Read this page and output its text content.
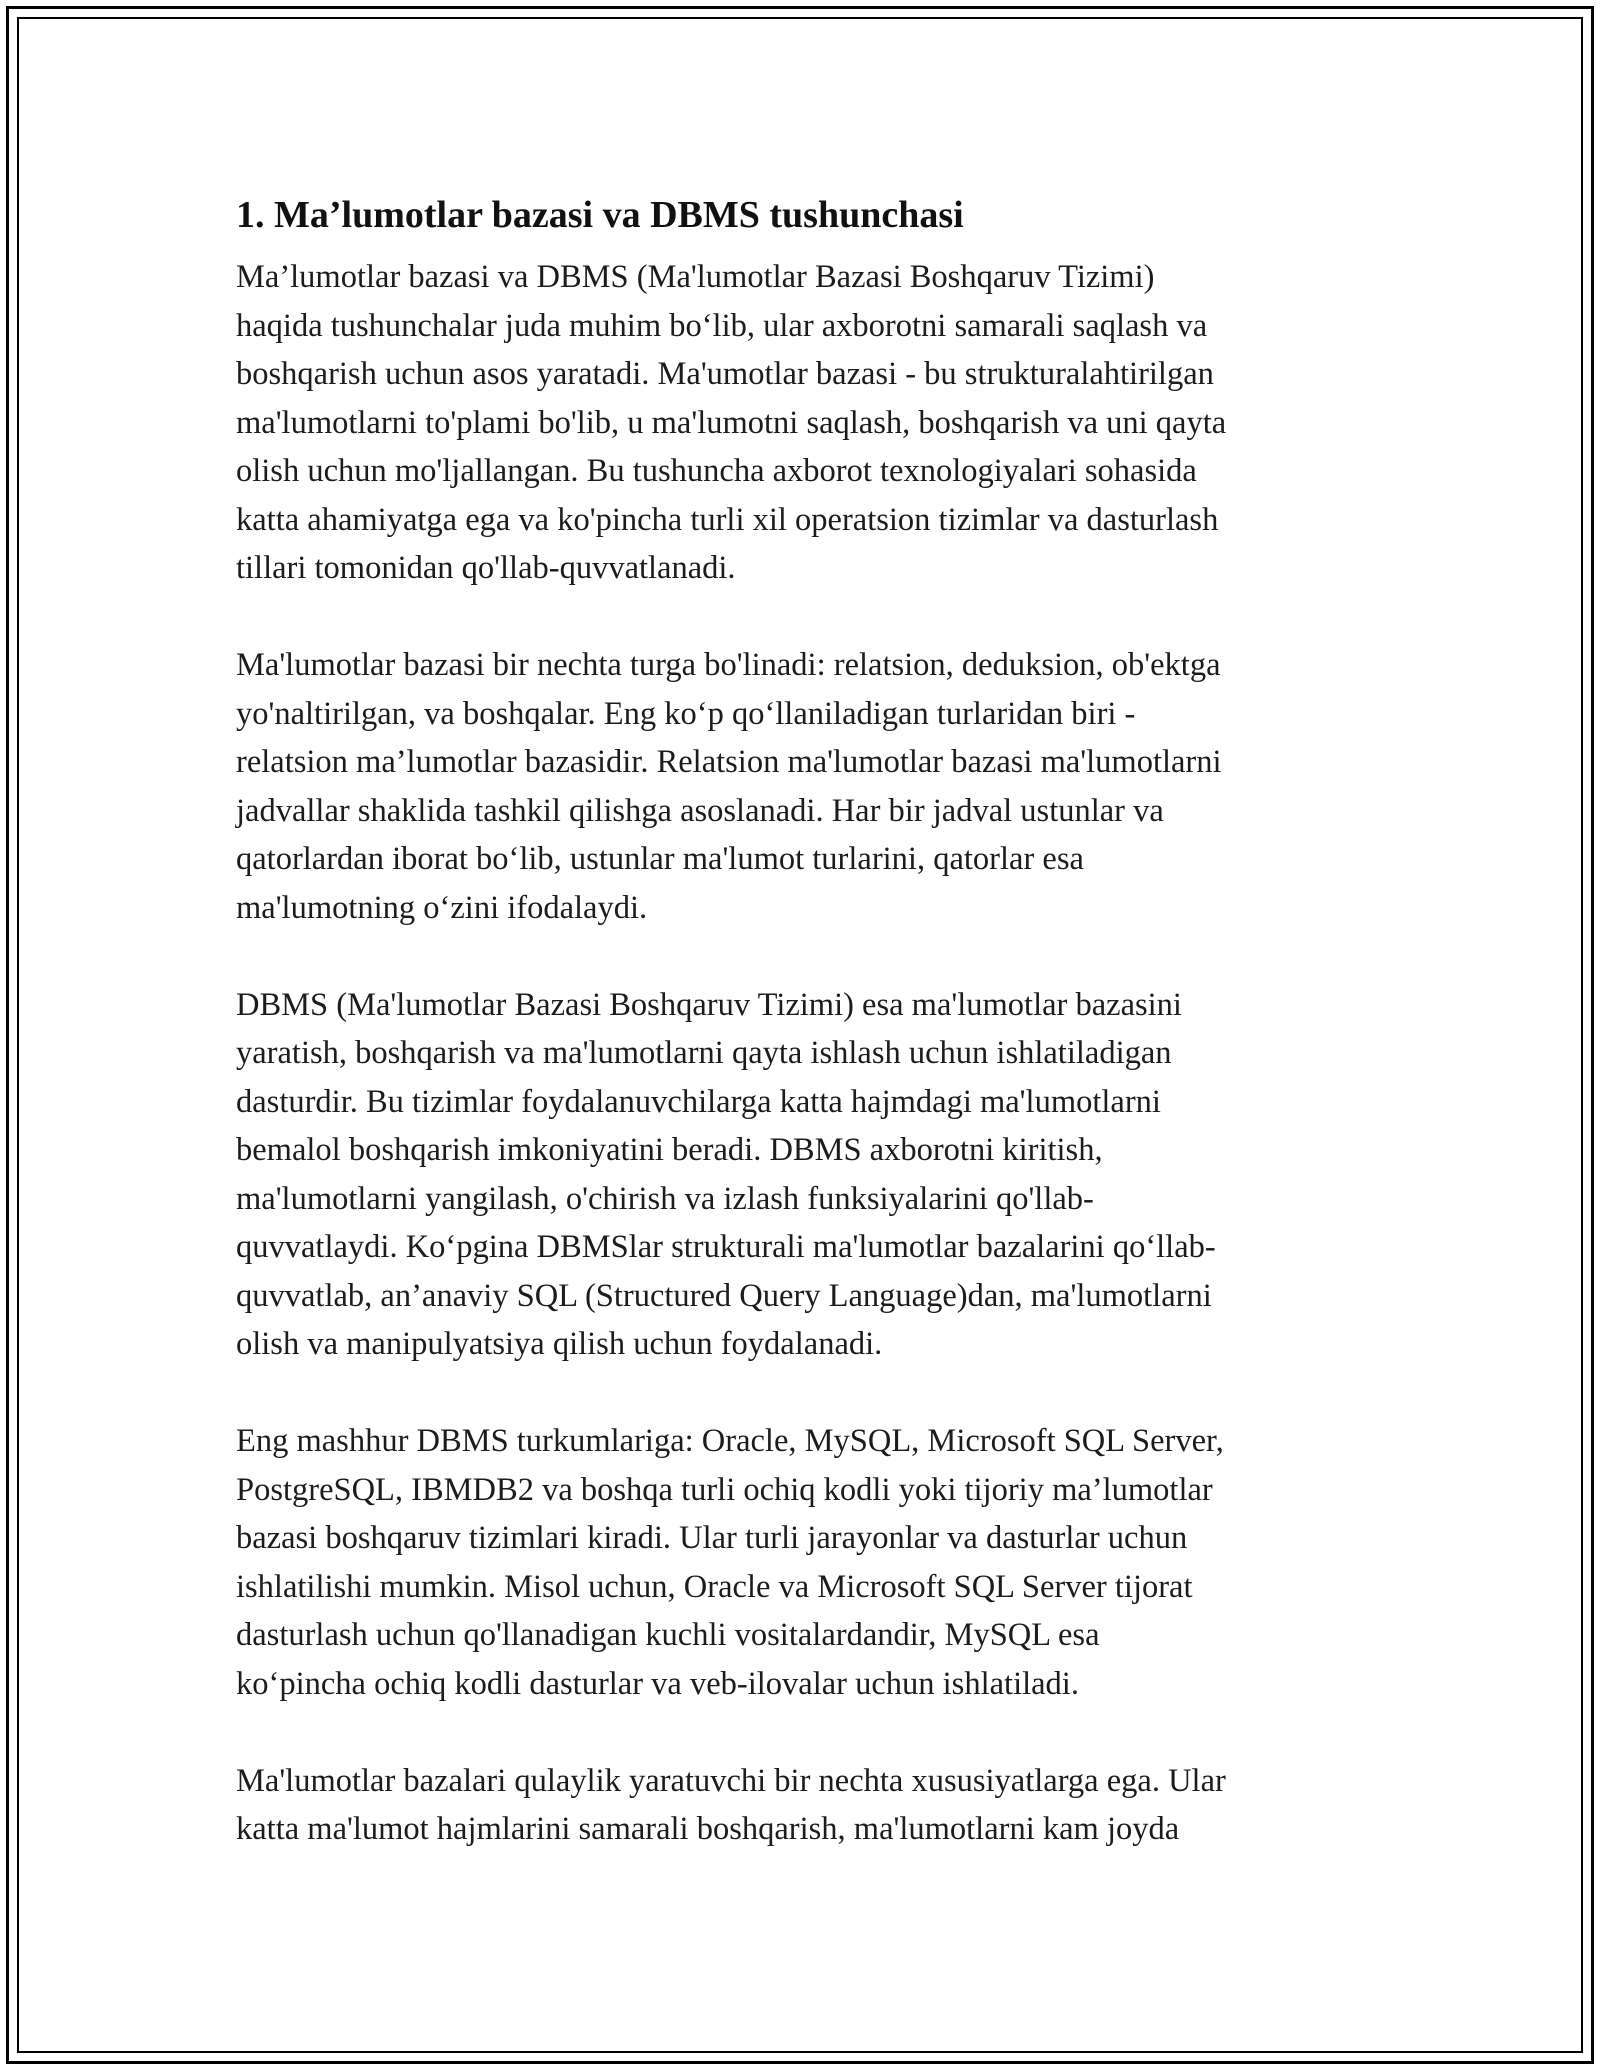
1. Ma’lumotlar bazasi va DBMS tushunchasi

Ma’lumotlar bazasi va DBMS (Ma'lumotlar Bazasi Boshqaruv Tizimi)
haqida tushunchalar juda muhim bo‘lib, ular axborotni samarali saqlash va
boshqarish uchun asos yaratadi. Ma'umotlar bazasi - bu strukturalahtirilgan
ma'lumotlarni to'plami bo'lib, u ma'lumotni saqlash, boshqarish va uni qayta
olish uchun mo'ljallangan. Bu tushuncha axborot texnologiyalari sohasida
katta ahamiyatga ega va ko'pincha turli xil operatsion tizimlar va dasturlash
tillari tomonidan qo'llab-quvvatlanadi.

Ma'lumotlar bazasi bir nechta turga bo'linadi: relatsion, deduksion, ob'ektga
yo'naltirilgan, va boshqalar. Eng ko‘p qo‘llaniladigan turlaridan biri -
relatsion ma’lumotlar bazasidir. Relatsion ma'lumotlar bazasi ma'lumotlarni
jadvallar shaklida tashkil qilishga asoslanadi. Har bir jadval ustunlar va
qatorlardan iborat bo‘lib, ustunlar ma'lumot turlarini, qatorlar esa
ma'lumotning o‘zini ifodalaydi.

DBMS (Ma'lumotlar Bazasi Boshqaruv Tizimi) esa ma'lumotlar bazasini
yaratish, boshqarish va ma'lumotlarni qayta ishlash uchun ishlatiladigan
dasturdir. Bu tizimlar foydalanuvchilarga katta hajmdagi ma'lumotlarni
bemalol boshqarish imkoniyatini beradi. DBMS axborotni kiritish,
ma'lumotlarni yangilash, o'chirish va izlash funksiyalarini qo'llab-
quvvatlaydi. Ko‘pgina DBMSlar strukturali ma'lumotlar bazalarini qo‘llab-
quvvatlab, an’anaviy SQL (Structured Query Language)dan, ma'lumotlarni
olish va manipulyatsiya qilish uchun foydalanadi.

Eng mashhur DBMS turkumlariga: Oracle, MySQL, Microsoft SQL Server,
PostgreSQL, IBMDB2 va boshqa turli ochiq kodli yoki tijoriy ma’lumotlar
bazasi boshqaruv tizimlari kiradi. Ular turli jarayonlar va dasturlar uchun
ishlatilishi mumkin. Misol uchun, Oracle va Microsoft SQL Server tijorat
dasturlash uchun qo'llanadigan kuchli vositalardandir, MySQL esa
ko‘pincha ochiq kodli dasturlar va veb-ilovalar uchun ishlatiladi.

Ma'lumotlar bazalari qulaylik yaratuvchi bir nechta xususiyatlarga ega. Ular
katta ma'lumot hajmlarini samarali boshqarish, ma'lumotlarni kam joyda
